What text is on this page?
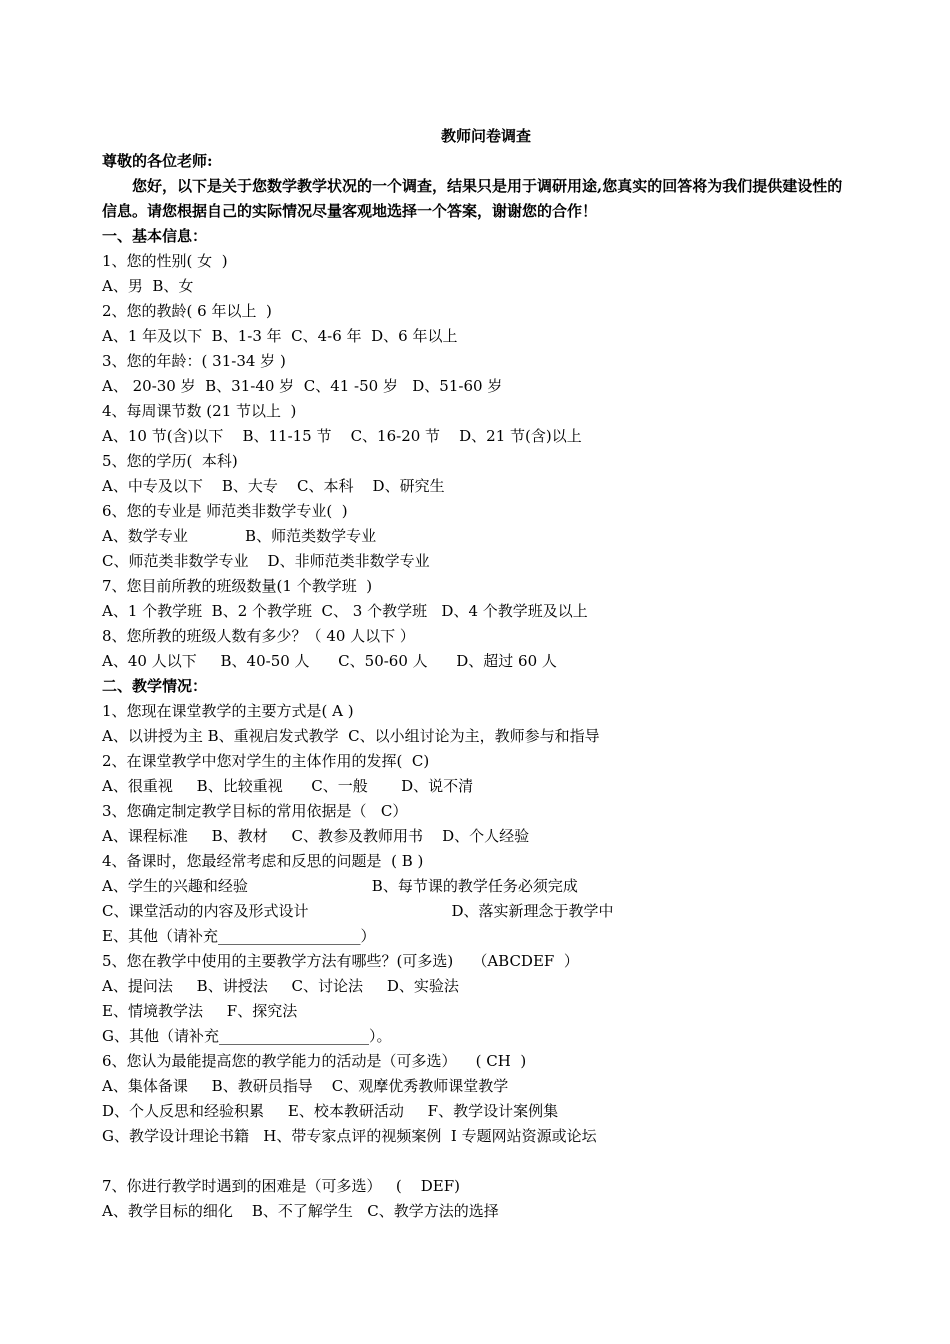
教师问卷调查
尊敬的各位老师:
您好，以下是关于您数学教学状况的一个调查，结果只是用于调研用途,您真实的回答将为我们提供建设性的信息。请您根据自己的实际情况尽量客观地选择一个答案，谢谢您的合作！
一、基本信息：
1、您的性别( 女  )
A、男  B、女
2、您的教龄( 6 年以上  )
A、1 年及以下  B、1-3 年  C、4-6 年  D、6 年以上
3、您的年龄：( 31-34 岁 )
A、 20-30 岁  B、31-40 岁  C、41 -50 岁   D、51-60 岁
4、每周课节数 (21 节以上  )
A、10 节(含)以下    B、11-15 节    C、16-20 节    D、21 节(含)以上
5、您的学历(  本科)
A、中专及以下    B、大专    C、本科    D、研究生
6、您的专业是 师范类非数学专业(  )
A、数学专业            B、师范类数学专业
C、师范类非数学专业    D、非师范类非数学专业
7、您目前所教的班级数量(1 个教学班  )
A、1 个教学班  B、2 个教学班  C、 3 个教学班   D、4 个教学班及以上
8、您所教的班级人数有多少？（ 40 人以下 ）
A、40 人以下     B、40-50 人      C、50-60 人      D、超过 60 人
二、教学情况：
1、您现在课堂教学的主要方式是( A )
A、以讲授为主 B、重视启发式教学  C、以小组讨论为主，教师参与和指导
2、在课堂教学中您对学生的主体作用的发挥(  C)
A、很重视     B、比较重视      C、一般       D、说不清
3、您确定制定教学目标的常用依据是（   C）
A、课程标准     B、教材     C、教参及教师用书    D、个人经验
4、备课时，您最经常考虑和反思的问题是  ( B )
A、学生的兴趣和经验                          B、每节课的教学任务必须完成
C、课堂活动的内容及形式设计                              D、落实新理念于教学中
E、其他（请补充___________________）
5、您在教学中使用的主要教学方法有哪些？(可多选)    （ABCDEF  ）
A、提问法     B、讲授法     C、讨论法     D、实验法
E、情境教学法     F、探究法
G、其他（请补充____________________）。
6、您认为最能提高您的教学能力的活动是（可多选）    ( CH  )
A、集体备课     B、教研员指导    C、观摩优秀教师课堂教学
D、个人反思和经验积累     E、校本教研活动     F、教学设计案例集
G、教学设计理论书籍   H、带专家点评的视频案例  I 专题网站资源或论坛
7、你进行教学时遇到的困难是（可多选）   (    DEF)
A、教学目标的细化    B、不了解学生   C、教学方法的选择
